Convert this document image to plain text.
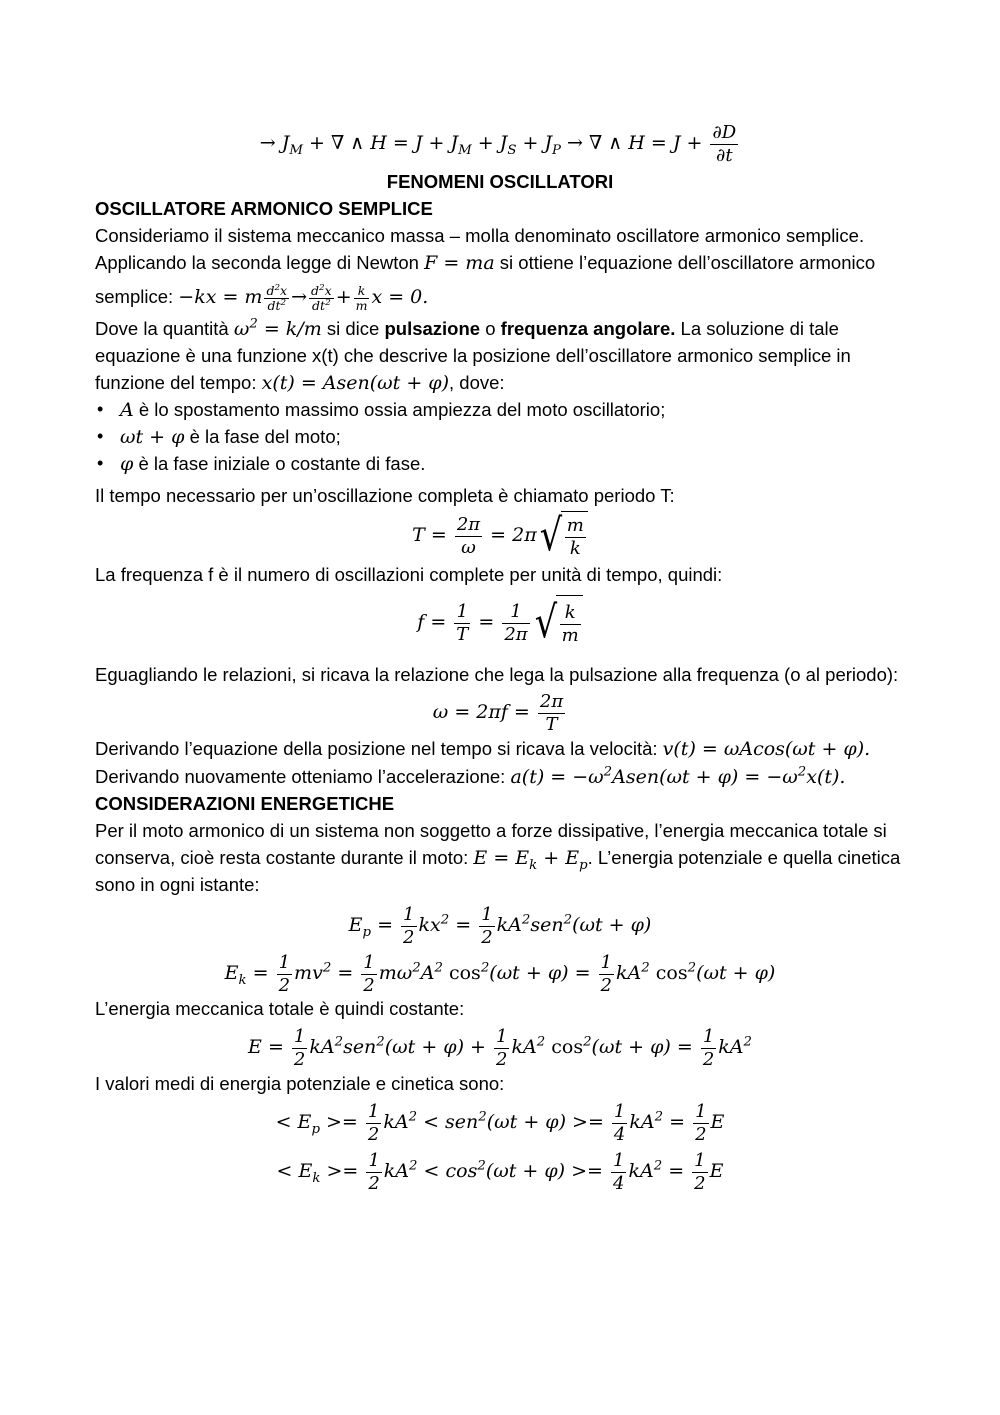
→ $J_M$ + ∇ ∧ $H = J + J_M + J_S + J_P$ → ∇ ∧ $H = J + \frac{\partial D}{\partial t}$
FENOMENI OSCILLATORI
OSCILLATORE ARMONICO SEMPLICE
Consideriamo il sistema meccanico massa – molla denominato oscillatore armonico semplice.
Applicando la seconda legge di Newton F = ma si ottiene l’equazione dell’oscillatore armonico
semplice: −kx = m $\frac{d^2x}{dt^2} \to \frac{d^2x}{dt^2} + \frac{k}{m}$ x = 0.
Dove la quantità $\omega^2 = k/m$ si dice pulsazione o frequenza angolare. La soluzione di tale
equazione è una funzione x(t) che descrive la posizione dell’oscillatore armonico semplice in
funzione del tempo: x(t) = Asen(ωt + φ), dove:
• A è lo spostamento massimo ossia ampiezza del moto oscillatorio;
• ωt + φ è la fase del moto;
• φ è la fase iniziale o costante di fase.
Il tempo necessario per un’oscillazione completa è chiamato periodo T:
$T = \frac{2\pi}{\omega} = 2\pi√ \frac{m}{k}$
La frequenza f è il numero di oscillazioni complete per unità di tempo, quindi:
$f = \frac{1}{T} = \frac{1}{2\pi}$ √ $\frac{k}{m}$
Eguagliando le relazioni, si ricava la relazione che lega la pulsazione alla frequenza (o al periodo):
$\omega = 2\pi f = \frac{2\pi}{T}$
Derivando l’equazione della posizione nel tempo si ricava la velocità: v(t) = ωAcos(ωt + φ).
Derivando nuovamente otteniamo l’accelerazione: $a(t) = -\omega^2Asen(\omega t + \varphi) = -\omega^2x(t)$.
CONSIDERAZIONI ENERGETICHE
Per il moto armonico di un sistema non soggetto a forze dissipative, l’energia meccanica totale si
conserva, cioè resta costante durante il moto: $E = E_k + E_p$. L’energia potenziale e quella cinetica
sono in ogni istante:
$E_p = \frac{1}{2} kx^2 = \frac{1}{2} kA^2sen^2(\omega t + \varphi)$
$E_k = \frac{1}{2} mv^2 = \frac{1}{2} m\omega^2A^2$ $\cos^2(\omega t + \varphi) = \frac{1}{2} kA^2$ $\cos^2(\omega t + \varphi)$
L’energia meccanica totale è quindi costante:
$E = \frac{1}{2} kA^2sen^2(\omega t + \varphi) + \frac{1}{2} kA^2$ $\cos^2(\omega t + \varphi) = \frac{1}{2} kA^2$
I valori medi di energia potenziale e cinetica sono:
< $E_p >= \frac{1}{2} kA^2 < sen^2(\omega t + \varphi) >= \frac{1}{4} kA^2 = \frac{1}{2}$ E
< $E_k >= \frac{1}{2} kA^2 < \cos^2(\omega t + \varphi) >= \frac{1}{4} kA^2 = \frac{1}{2}$ E
